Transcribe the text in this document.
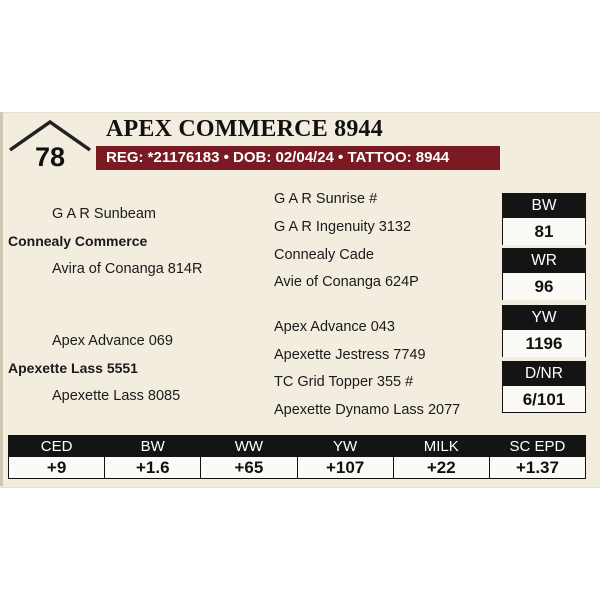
78
APEX COMMERCE 8944
REG: *21176183 • DOB: 02/04/24 • TATTOO: 8944
G A R Sunbeam
Connealy Commerce
Avira of Conanga 814R
G A R Sunrise #
G A R Ingenuity 3132
Connealy Cade
Avie of Conanga 624P
Apex Advance 069
Apexette Lass 5551
Apexette Lass 8085
Apex Advance 043
Apexette Jestress 7749
TC Grid Topper 355 #
Apexette Dynamo Lass 2077
BW
81
WR
96
YW
1196
D/NR
6/101
CED
+9
BW
+1.6
WW
+65
YW
+107
MILK
+22
SC EPD
+1.37
